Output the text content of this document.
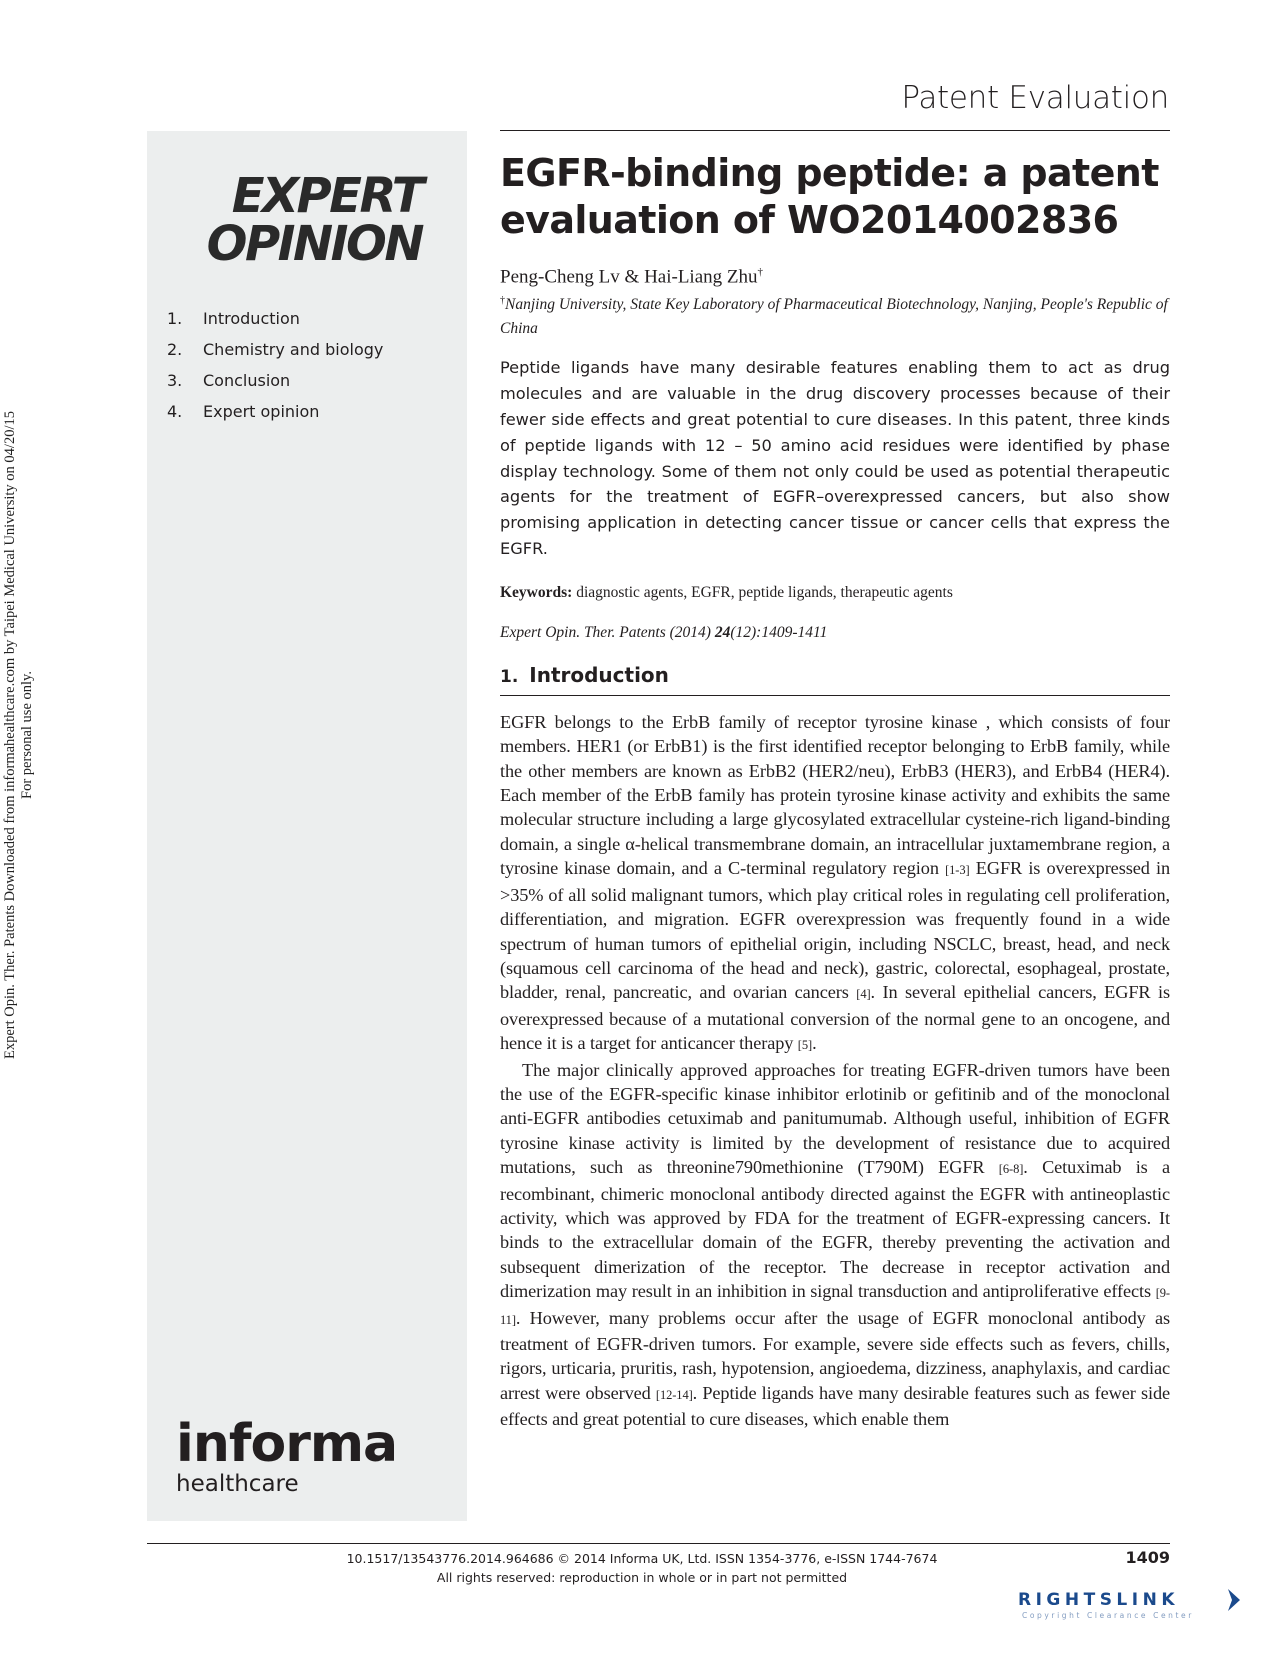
Expert Opin. Ther. Patents Downloaded from informahealthcare.com by Taipei Medical University on 04/20/15 For personal use only.
Patent Evaluation
EXPERT
OPINION
1. Introduction
2. Chemistry and biology
3. Conclusion
4. Expert opinion
informa
healthcare
EGFR-binding peptide: a patent evaluation of WO2014002836
Peng-Cheng Lv & Hai-Liang Zhu†
†Nanjing University, State Key Laboratory of Pharmaceutical Biotechnology, Nanjing, People's Republic of China
Peptide ligands have many desirable features enabling them to act as drug molecules and are valuable in the drug discovery processes because of their fewer side effects and great potential to cure diseases. In this patent, three kinds of peptide ligands with 12 – 50 amino acid residues were identified by phase display technology. Some of them not only could be used as potential therapeutic agents for the treatment of EGFR–overexpressed cancers, but also show promising application in detecting cancer tissue or cancer cells that express the EGFR.
Keywords: diagnostic agents, EGFR, peptide ligands, therapeutic agents
Expert Opin. Ther. Patents (2014) 24(12):1409-1411
1. Introduction

EGFR belongs to the ErbB family of receptor tyrosine kinase , which consists of four members. HER1 (or ErbB1) is the first identified receptor belonging to ErbB family, while the other members are known as ErbB2 (HER2/neu), ErbB3 (HER3), and ErbB4 (HER4). Each member of the ErbB family has protein tyrosine kinase activity and exhibits the same molecular structure including a large glycosylated extracellular cysteine-rich ligand-binding domain, a single α-helical transmembrane domain, an intracellular juxtamembrane region, a tyrosine kinase domain, and a C-terminal regulatory region [1-3] EGFR is overexpressed in >35% of all solid malignant tumors, which play critical roles in regulating cell proliferation, differentiation, and migration. EGFR overexpression was frequently found in a wide spectrum of human tumors of epithelial origin, including NSCLC, breast, head, and neck (squamous cell carcinoma of the head and neck), gastric, colorectal, esophageal, prostate, bladder, renal, pancreatic, and ovarian cancers [4]. In several epithelial cancers, EGFR is overexpressed because of a mutational conversion of the normal gene to an oncogene, and hence it is a target for anticancer therapy [5].

The major clinically approved approaches for treating EGFR-driven tumors have been the use of the EGFR-specific kinase inhibitor erlotinib or gefitinib and of the monoclonal anti-EGFR antibodies cetuximab and panitumumab. Although useful, inhibition of EGFR tyrosine kinase activity is limited by the development of resistance due to acquired mutations, such as threonine790methionine (T790M) EGFR [6-8]. Cetuximab is a recombinant, chimeric monoclonal antibody directed against the EGFR with antineoplastic activity, which was approved by FDA for the treatment of EGFR-expressing cancers. It binds to the extracellular domain of the EGFR, thereby preventing the activation and subsequent dimerization of the receptor. The decrease in receptor activation and dimerization may result in an inhibition in signal transduction and antiproliferative effects [9-11]. However, many problems occur after the usage of EGFR monoclonal antibody as treatment of EGFR-driven tumors. For example, severe side effects such as fevers, chills, rigors, urticaria, pruritis, rash, hypotension, angioedema, dizziness, anaphylaxis, and cardiac arrest were observed [12-14]. Peptide ligands have many desirable features such as fewer side effects and great potential to cure diseases, which enable them

10.1517/13543776.2014.964686 © 2014 Informa UK, Ltd. ISSN 1354-3776, e-ISSN 1744-7674
All rights reserved: reproduction in whole or in part not permitted
1409
RIGHTSLINK
Copyright Clearance Center
